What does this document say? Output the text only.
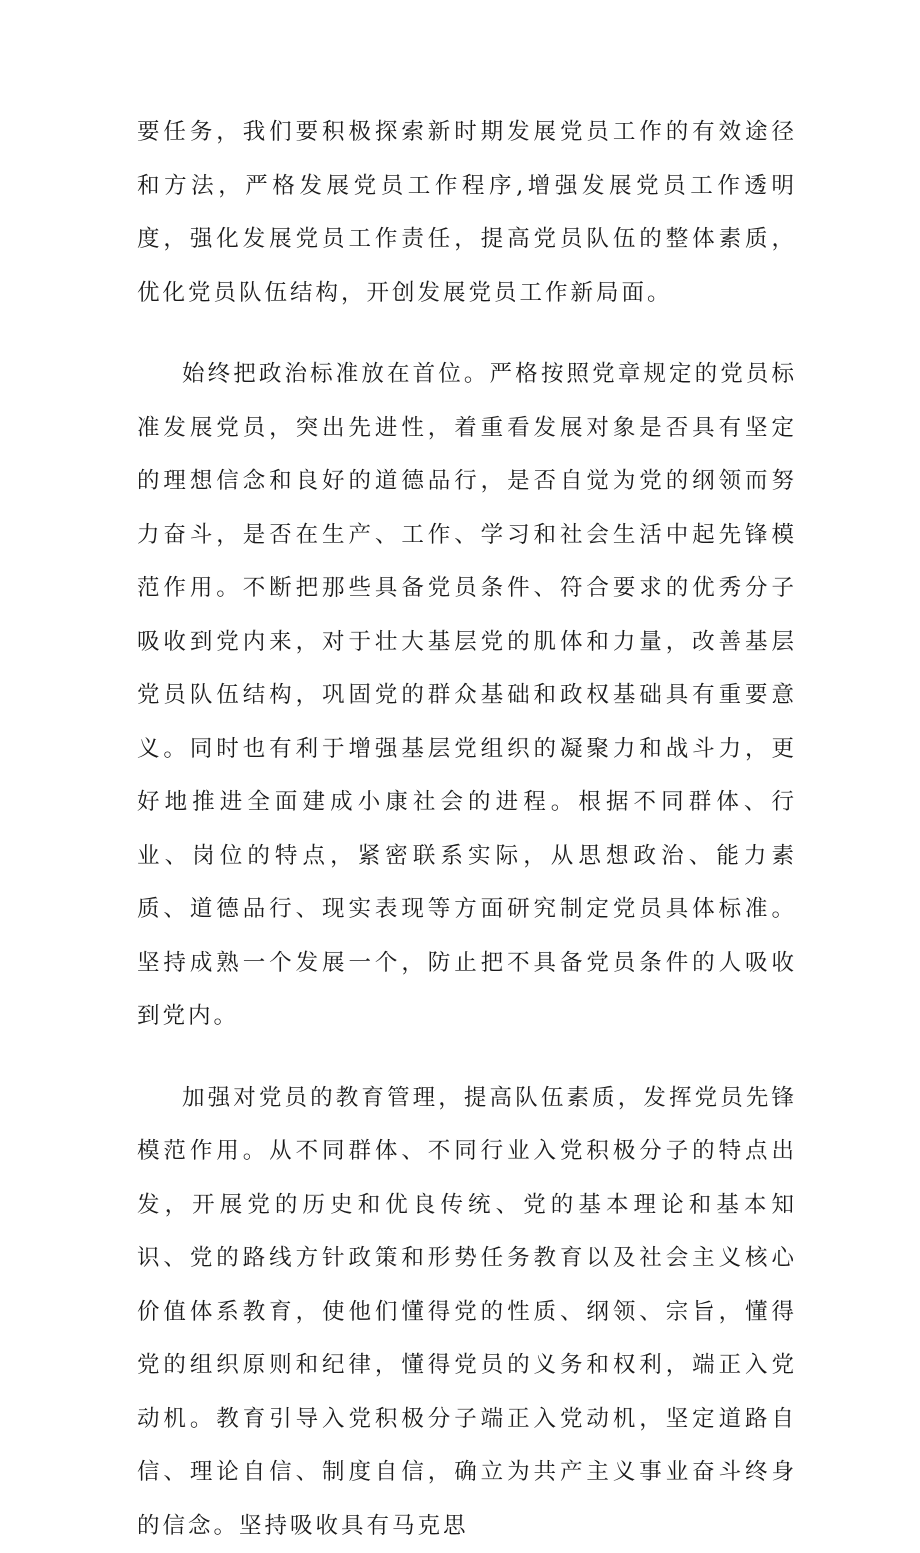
要任务，我们要积极探索新时期发展党员工作的有效途径和方法，严格发展党员工作程序,增强发展党员工作透明度，强化发展党员工作责任，提高党员队伍的整体素质，优化党员队伍结构，开创发展党员工作新局面。

始终把政治标准放在首位。严格按照党章规定的党员标准发展党员，突出先进性，着重看发展对象是否具有坚定的理想信念和良好的道德品行，是否自觉为党的纲领而努力奋斗，是否在生产、工作、学习和社会生活中起先锋模范作用。不断把那些具备党员条件、符合要求的优秀分子吸收到党内来，对于壮大基层党的肌体和力量，改善基层党员队伍结构，巩固党的群众基础和政权基础具有重要意义。同时也有利于增强基层党组织的凝聚力和战斗力，更好地推进全面建成小康社会的进程。根据不同群体、行业、岗位的特点，紧密联系实际，从思想政治、能力素质、道德品行、现实表现等方面研究制定党员具体标准。坚持成熟一个发展一个，防止把不具备党员条件的人吸收到党内。

加强对党员的教育管理，提高队伍素质，发挥党员先锋模范作用。从不同群体、不同行业入党积极分子的特点出发，开展党的历史和优良传统、党的基本理论和基本知识、党的路线方针政策和形势任务教育以及社会主义核心价值体系教育，使他们懂得党的性质、纲领、宗旨，懂得党的组织原则和纪律，懂得党员的义务和权利，端正入党动机。教育引导入党积极分子端正入党动机，坚定道路自信、理论自信、制度自信，确立为共产主义事业奋斗终身的信念。坚持吸收具有马克思
